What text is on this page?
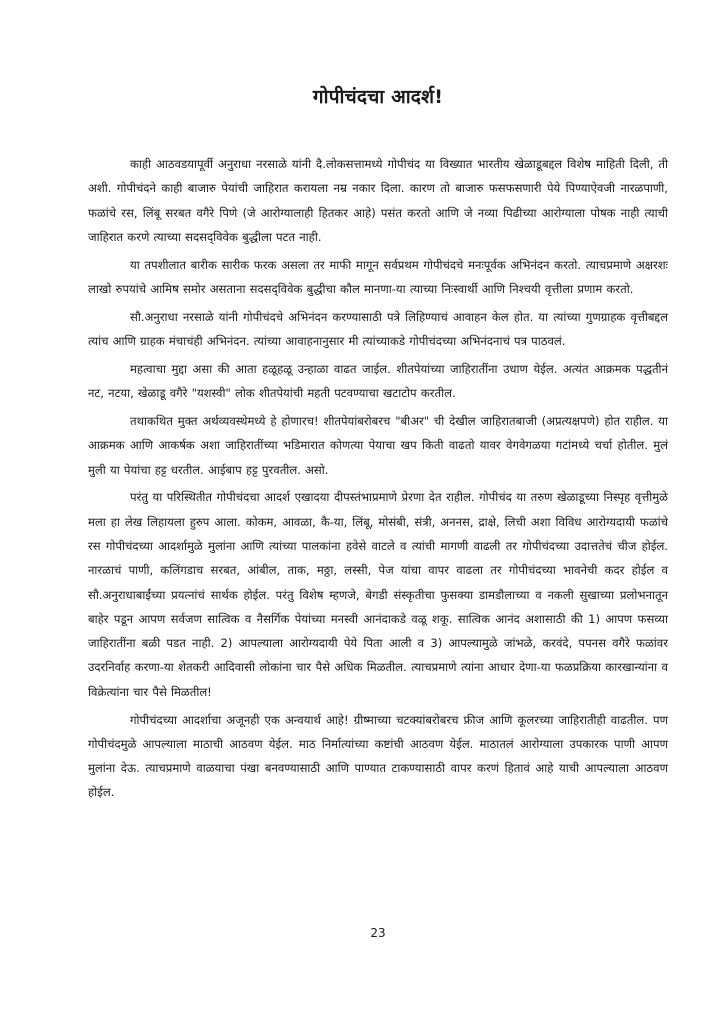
गोपीचंदचा आदर्श!

काही आठवडयापूर्वी अनुराधा नरसाळे यांनी दै.लोकसत्तामध्ये गोपीचंद या विख्यात भारतीय खेळाडूबद्दल विशेष माहिती दिली, ती अशी. गोपीचंदने काही बाजारु पेयांची जाहिरात करायला नम्र नकार दिला. कारण तो बाजारु फसफसणारी पेये पिण्याऐवजी नारळपाणी, फळांचे रस, लिंबू सरबत वगैरे पिणे (जे आरोग्यालाही हितकर आहे) पसंत करतो आणि जे नव्या पिढीच्या आरोग्याला पोषक नाही त्याची जाहिरात करणे त्याच्या सदसद्‌विवेक बुद्धीला पटत नाही.

या तपशीलात बारीक सारीक फरक असला तर माफी मागून सर्वप्रथम गोपीचंदचे मनःपूर्वक अभिनंदन करतो. त्याचप्रमाणे अक्षरशः लाखो रुपयांचे आमिष समोर असताना सदसद्‌विवेक बुद्धीचा कौल मानणा-या त्याच्या निःस्वार्थी आणि निश्चयी वृत्तीला प्रणाम करतो.

सौ.अनुराधा नरसाळे यांनी गोपीचंदचे अभिनंदन करण्यासाठी पत्रे लिहिण्याचं आवाहन केल होत. या त्यांच्या गुणग्राहक वृत्तीबद्दल त्यांच आणि ग्राहक मंचाचंही अभिनंदन. त्यांच्या आवाहनानुसार मी त्यांच्याकडे गोपीचंदच्या अभिनंदनाचं पत्र पाठवलं.

महत्वाचा मुद्दा असा की आता हळूहळू उन्हाळा वाढत जाईल. शीतपेयांच्या जाहिरातींना उधाण येईल. अत्यंत आक्रमक पद्धतीनं नट, नटया, खेळाडू वगैरे "यशस्वी" लोक शीतपेयांची महती पटवण्याचा खटाटोप करतील.

तथाकथित मुक्त अर्थव्यवस्थेमध्ये हे होणारच! शीतपेयांबरोबरच "बीअर" ची देखील जाहिरातबाजी (अप्रत्यक्षपणे) होत राहील. या आक्रमक आणि आकर्षक अशा जाहिरातींच्या भडिमारात कोणत्या पेयाचा खप किती वाढतो यावर वेगवेगळया गटांमध्ये चर्चा होतील. मुलं मुली या पेयांचा हट्ट धरतील. आईबाप हट्ट पुरवतील. असो.

परंतु या परिस्थितीत गोपीचंदचा आदर्श एखादया दीपस्तंभाप्रमाणे प्रेरणा देत राहील. गोपीचंद या तरुण खेळाडूच्या निस्पृह वृत्तीमुळे मला हा लेख लिहायला हुरुप आला. कोकम, आवळा, कै-या, लिंबू, मोसंबी, संत्री, अननस, द्राक्षे, लिची अशा विविध आरोग्यदायी फळांचे रस गोपीचंदच्या आदर्शामुळे मुलांना आणि त्यांच्या पालकांना हवेसे वाटले व त्यांची मागणी वाढली तर गोपीचंदच्या उदात्ततेचं चीज होईल. नारळाचं पाणी, कलिंगडाच सरबत, आंबील, ताक, मठ्ठा, लस्सी, पेज यांचा वापर वाढला तर गोपीचंदच्या भावनेची कदर होईल व सौ.अनुराधाबाईंच्या प्रयत्नांचं सार्थक होईल. परंतु विशेष म्हणजे, बेगडी संस्कृतीचा फुसक्या डामडौलाच्या व नकली सुखाच्या प्रलोभनातून बाहेर पडून आपण सर्वजण सात्विक व नैसर्गिक पेयांच्या मनस्वी आनंदाकडे वळू शकू. सात्विक आनंद अशासाठी की 1) आपण फसव्या जाहिरातींना बळी पडत नाही. 2) आपल्याला आरोग्यदायी पेये पिता आली व 3) आपल्यामुळे जांभळे, करवंदे, पपनस वगैरे फळांवर उदरनिर्वाह करणा-या शेतकरी आदिवासी लोकांना चार पैसे अधिक मिळतील. त्याचप्रमाणे त्यांना आधार देणा-या फळप्रक्रिया कारखान्यांना व विक्रेत्यांना चार पैसे मिळतील!

गोपीचंदच्या आदर्शाचा अजूनही एक अन्वयार्थ आहे! ग्रीष्माच्या चटक्यांबरोबरच फ्रीज आणि कूलरच्या जाहिरातीही वाढतील. पण गोपीचंदमुळे आपल्याला माठाची आठवण येईल. माठ निर्मात्यांच्या कष्टांची आठवण येईल. माठातलं आरोग्याला उपकारक पाणी आपण मुलांना देऊ. त्याचप्रमाणे वाळयाचा पंखा बनवण्यासाठी आणि पाण्यात टाकण्यासाठी वापर करणं हितावं आहे याची आपल्याला आठवण होईल.

23
